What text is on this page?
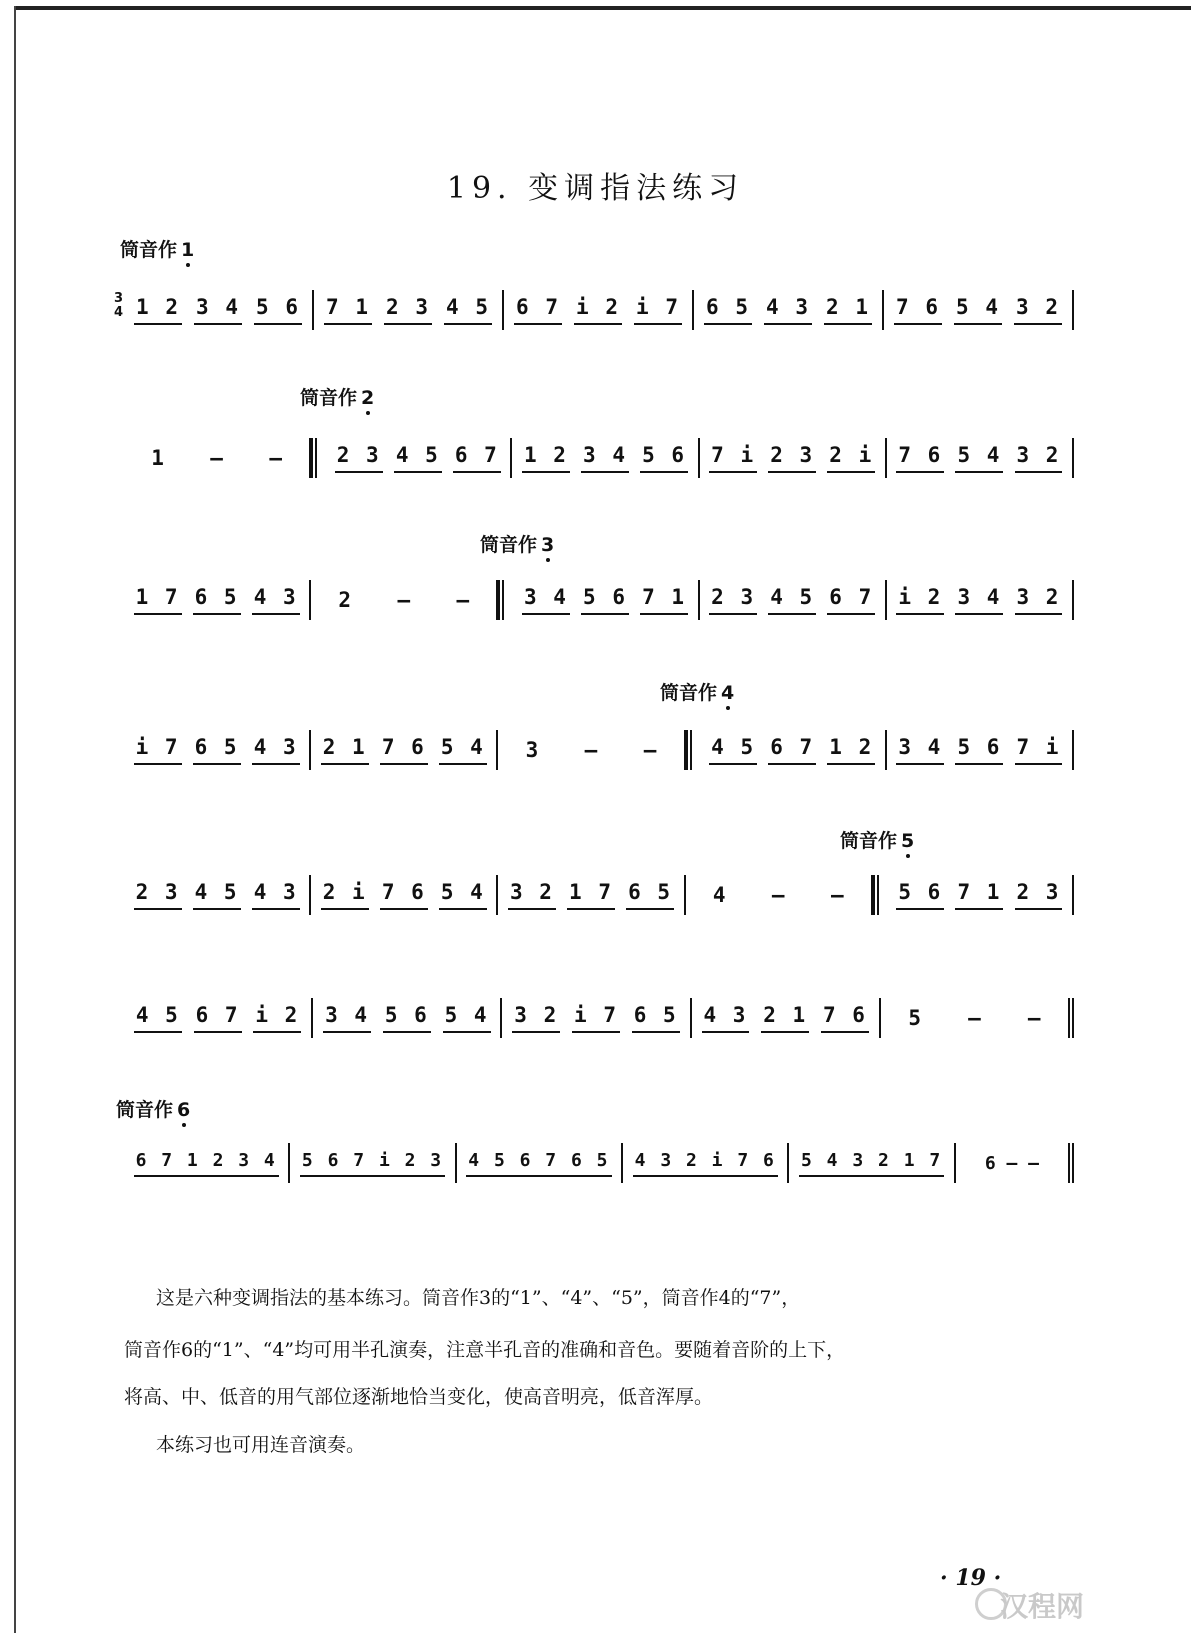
19. 变调指法练习
筒音作 1
3
4 1 2 3 4 5 6 7 1 2 3 4 5 6 7 i 2 i 7 6 5 4 3 2 1 7 6 5 4 3 2
筒音作 2
1 — —	2 3 4 5 6 7 1 2 3 4 5 6 7 i 2 3 2 i 7 6 5 4 3 2
筒音作 3
1 7 6 5 4 3 2 — —	3 4 5 6 7 1 2 3 4 5 6 7 i 2 3 4 3 2
筒音作 4
i 7 6 5 4 3 2 1 7 6 5 4 3 — —	4 5 6 7 1 2 3 4 5 6 7 i
筒音作 5
2 3 4 5 4 3 2 i 7 6 5 4 3 2 1 7 6 5 4 — —	5 6 7 1 2 3
4 5 6 7 i 2 3 4 5 6 5 4 3 2 i 7 6 5 4 3 2 1 7 6 5 — —
筒音作 6
6 7 1 2 3 4 5 6 7 i 2 3 4 5 6 7 6 5 4 3 2 i 7 6 5 4 3 2 1 7 6 — —
这是六种变调指法的基本练习。筒音作3的“1”、“4”、“5”，筒音作4的“7”，
筒音作6的“1”、“4”均可用半孔演奏，注意半孔音的准确和音色。要随着音阶的上下，
将高、中、低音的用气部位逐渐地恰当变化，使高音明亮，低音浑厚。
本练习也可用连音演奏。
· 19 ·
汉程网
